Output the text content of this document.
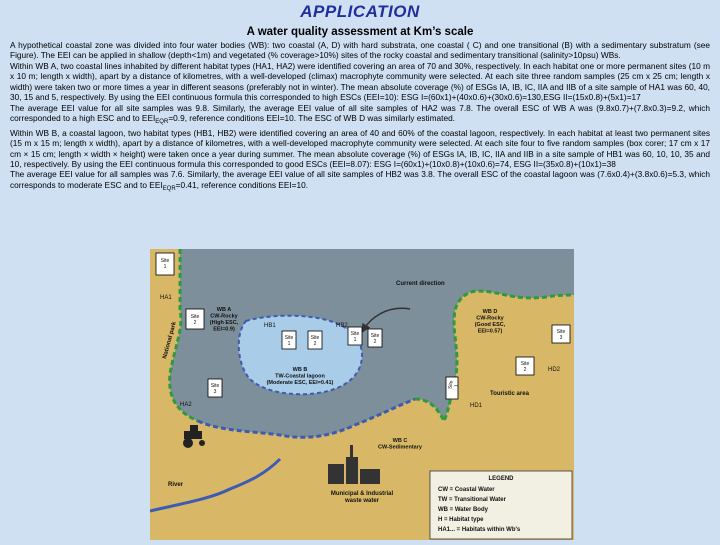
APPLICATION
A water quality assessment at Km’s scale

A hypothetical coastal zone was divided into four water bodies (WB): two coastal (A, D) with hard substrata, one coastal ( C) and one transitional (B) with a sedimentary substratum (see Figure). The EEI can be applied in shallow (depth<1m) and vegetated (% coverage>10%) sites of the rocky coastal and sedimentary transitional (salinity>10psu) WBs.

Within WB A, two coastal lines inhabited by different habitat types (HA1, HA2) were identified covering an area of 70 and 30%, respectively. In each habitat one or more permanent sites (10 m x 10 m; length x width), apart by a distance of kilometres, with a well-developed (climax) macrophyte community were selected. At each site three random samples (25 cm x 25 cm; length x width) were taken two or more times a year in different seasons (preferably not in winter). The mean absolute coverage (%) of ESGs IA, IB, IC, IIA and IIB of a site sample of HA1 was 60, 40, 30, 15 and 5, respectively. By using the EEI continuous formula this corresponded to high ESCs (EEI=10): ESG I=(60x1)+(40x0.6)+(30x0.6)=130,ESG II=(15x0.8)+(5x1)=17

The average EEI value for all site samples was 9.8. Similarly, the average EEI value of all site samples of HA2 was 7.8. The overall ESC of WB A was (9.8x0.7)+(7.8x0.3)=9.2, which corresponded to a high ESC and to $EEI_{EQR}=0.9$, reference conditions EEI=10. The ESC of WB D was similarly estimated.

Within WB B, a coastal lagoon, two habitat types (HB1, HB2) were identified covering an area of 40 and 60% of the coastal lagoon, respectively. In each habitat at least two permanent sites (15 m x 15 m; length x width), apart by a distance of kilometres, with a well-developed macrophyte community were selected. At each site four to five random samples (box corer; 17 cm x 17 cm × 15 cm; length × width × height) were taken once a year during summer. The mean absolute coverage (%) of ESGs IA, IB, IC, IIA and IIB in a site sample of HB1 was 60, 10, 10, 35 and 10, respectively. By using the EEI continuous formula this corresponded to good ESCs (EEI=8.07): ESG I=(60x1)+(10x0.8)+(10x0.6)=74, ESG II=(35x0.8)+(10x1)=38

The average EEI value for all samples was 7.6. Similarly, the average EEI value of all site samples of HB2 was 3.8. The overall ESC of the coastal lagoon was (7.6x0.4)+(3.8x0.6)=5.3, which corresponds to moderate ESC and to $EEI_{EQR}=0.41$, reference conditions EEI=10.

Site 1
HA1
National park
Site 2
WB A CW-Rocky (High ESC, EEI=0.9)
HB1	HB2
Site 1
Site 2
Site 1
Site 2
WB B TW-Coastal lagoon (Moderate ESC, EEI=0.41)
Current direction
WB D CW-Rocky (Good ESC, EEI=0.57)	Site 3
Site 2	HD2
Site1
HD1
HA2
Site 3	Touristic area
WB C CW-Sedimentary
Municipal & Industrial waste water
River
LEGEND
CW = Coastal Water
TW = Transitional Water
WB = Water Body
H = Habitat type
HA1... = Habitats within Wb's
